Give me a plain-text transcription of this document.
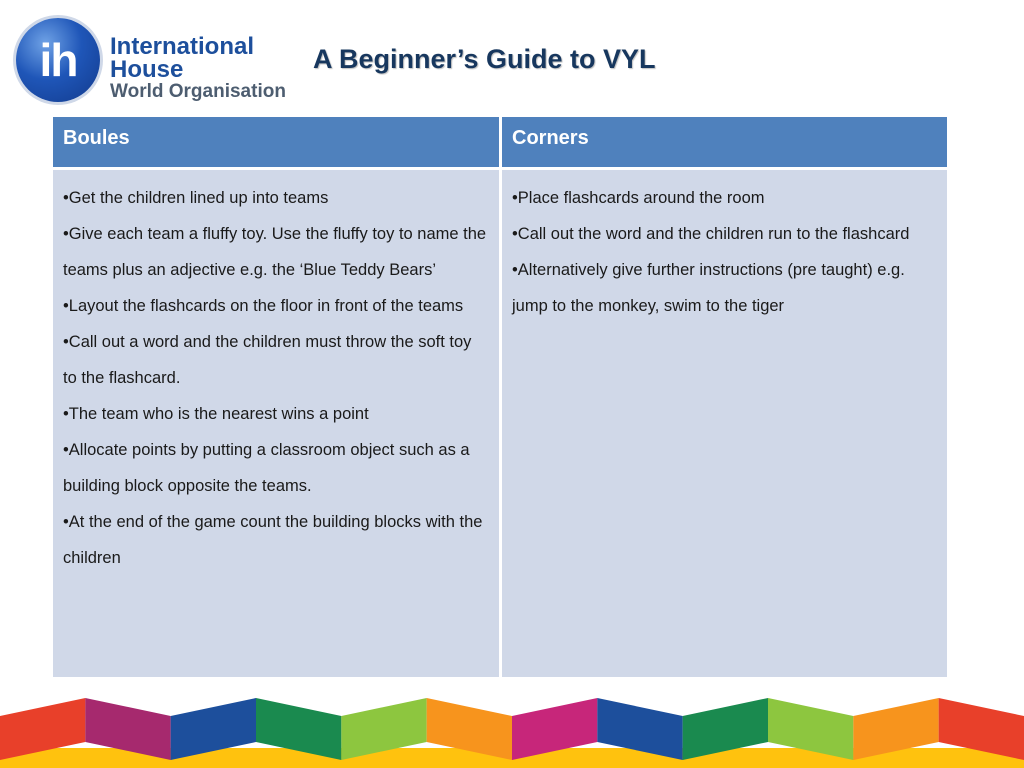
ih	International
House
World Organisation
A Beginner’s Guide to VYL
Boules	Corners

•Get the children lined up into teams

•Give each team a fluffy toy. Use the fluffy toy to name the teams plus an adjective e.g. the ‘Blue Teddy Bears’

•Layout the flashcards on the floor in front of the teams

•Call out a word and the children must throw the soft toy to the flashcard.

•The team who is the nearest wins a point

•Allocate points by putting a classroom object such as a building block opposite the teams.

•At the end of the game count the building blocks with the children

•Place flashcards around the room

•Call out the word and the children run to the flashcard

•Alternatively give further instructions (pre taught) e.g. jump to the monkey, swim to the tiger
